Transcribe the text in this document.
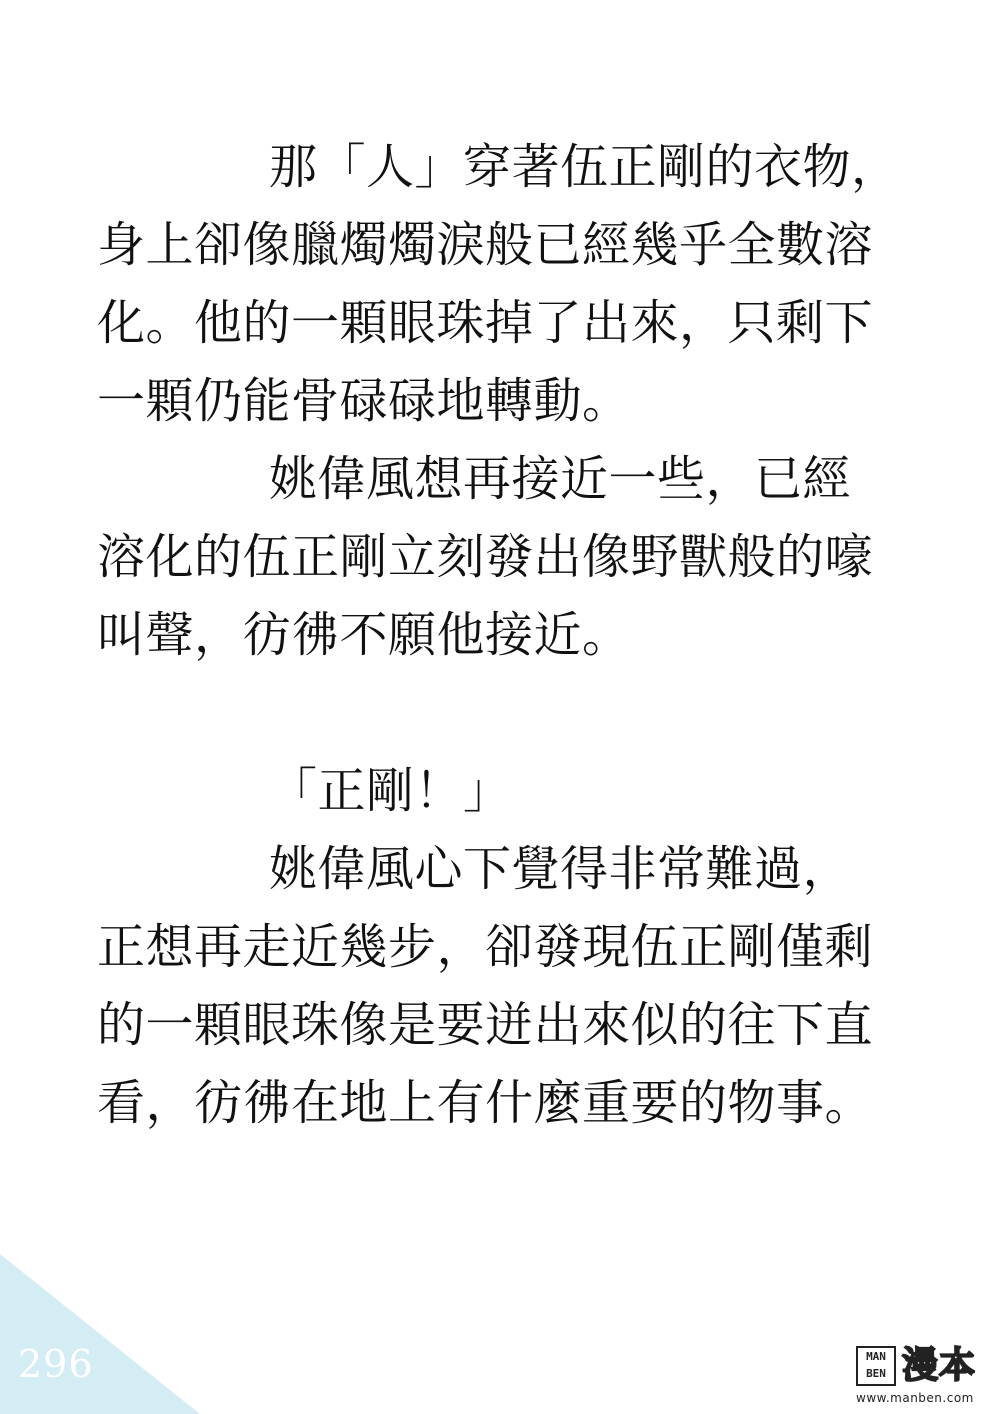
那「人」穿著伍正剛的衣物，
身上卻像臘燭燭淚般已經幾乎全數溶
化。他的一顆眼珠掉了出來，只剩下
一顆仍能骨碌碌地轉動。
姚偉風想再接近一些，已經
溶化的伍正剛立刻發出像野獸般的嚎
叫聲，彷彿不願他接近。
「正剛！」
姚偉風心下覺得非常難過，
正想再走近幾步，卻發現伍正剛僅剩
的一顆眼珠像是要迸出來似的往下直
看，彷彿在地上有什麼重要的物事。
296	MAN BEN 漫本
www.manben.com
